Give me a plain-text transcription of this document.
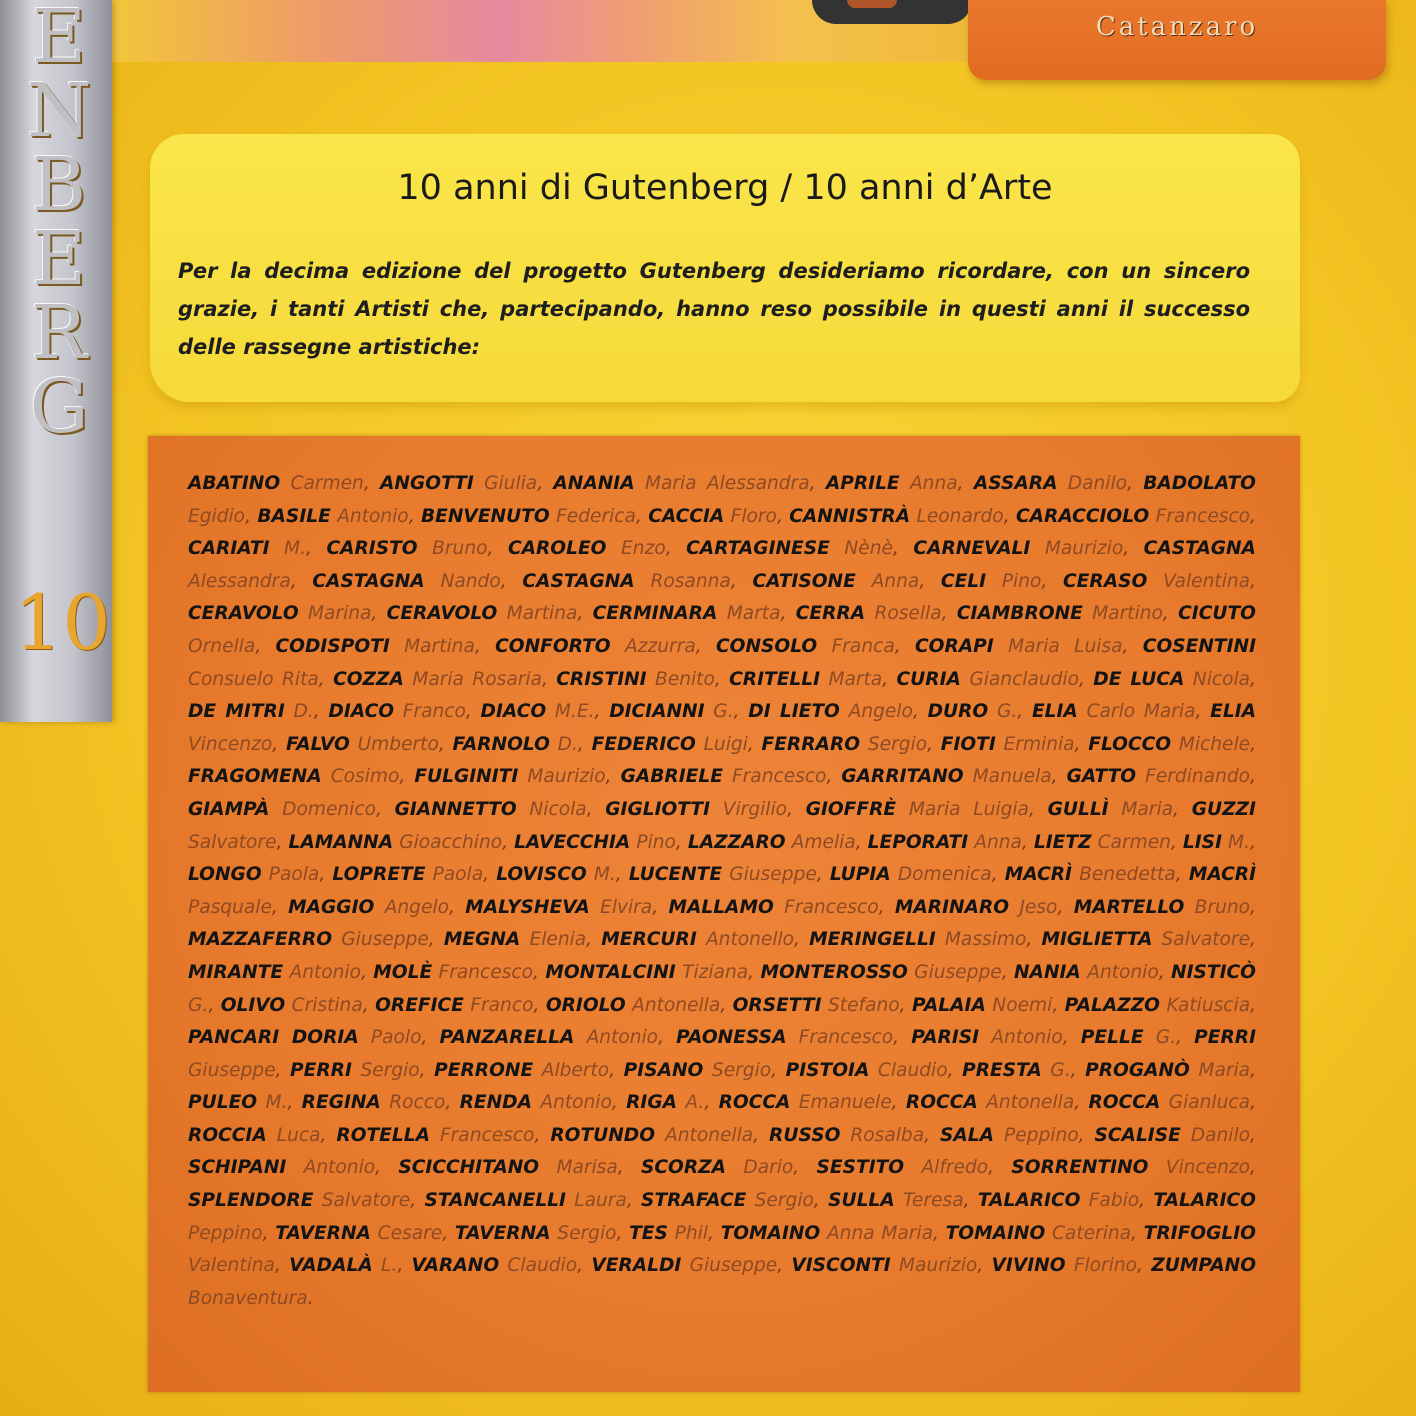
Catanzaro
E
N
B
E
R
G
10
10 anni di Gutenberg / 10 anni d’Arte
Per la decima edizione del progetto Gutenberg desideriamo ricordare, con un sincero grazie, i tanti Artisti che, partecipando, hanno reso possibile in questi anni il successo delle rassegne artistiche:
ABATINO Carmen, ANGOTTI Giulia, ANANIA Maria Alessandra, APRILE Anna, ASSARA Danilo, BADOLATO Egidio, BASILE Antonio, BENVENUTO Federica, CACCIA Floro, CANNISTRÀ Leonardo, CARACCIOLO Francesco, CARIATI M., CARISTO Bruno, CAROLEO Enzo, CARTAGINESE Nènè, CARNEVALI Maurizio, CASTAGNA Alessandra, CASTAGNA Nando, CASTAGNA Rosanna, CATISONE Anna, CELI Pino, CERASO Valentina, CERAVOLO Marina, CERAVOLO Martina, CERMINARA Marta, CERRA Rosella, CIAMBRONE Martino, CICUTO Ornella, CODISPOTI Martina, CONFORTO Azzurra, CONSOLO Franca, CORAPI Maria Luisa, COSENTINI Consuelo Rita, COZZA Maria Rosaria, CRISTINI Benito, CRITELLI Marta, CURIA Gianclaudio, DE LUCA Nicola, DE MITRI D., DIACO Franco, DIACO M.E., DICIANNI G., DI LIETO Angelo, DURO G., ELIA Carlo Maria, ELIA Vincenzo, FALVO Umberto, FARNOLO D., FEDERICO Luigi, FERRARO Sergio, FIOTI Erminia, FLOCCO Michele, FRAGOMENA Cosimo, FULGINITI Maurizio, GABRIELE Francesco, GARRITANO Manuela, GATTO Ferdinando, GIAMPÀ Domenico, GIANNETTO Nicola, GIGLIOTTI Virgilio, GIOFFRÈ Maria Luigia, GULLÌ Maria, GUZZI Salvatore, LAMANNA Gioacchino, LAVECCHIA Pino, LAZZARO Amelia, LEPORATI Anna, LIETZ Carmen, LISI M., LONGO Paola, LOPRETE Paola, LOVISCO M., LUCENTE Giuseppe, LUPIA Domenica, MACRÌ Benedetta, MACRÌ Pasquale, MAGGIO Angelo, MALYSHEVA Elvira, MALLAMO Francesco, MARINARO Jeso, MARTELLO Bruno, MAZZAFERRO Giuseppe, MEGNA Elenia, MERCURI Antonello, MERINGELLI Massimo, MIGLIETTA Salvatore, MIRANTE Antonio, MOLÈ Francesco, MONTALCINI Tiziana, MONTEROSSO Giuseppe, NANIA Antonio, NISTICÒ G., OLIVO Cristina, OREFICE Franco, ORIOLO Antonella, ORSETTI Stefano, PALAIA Noemi, PALAZZO Katiuscia, PANCARI DORIA Paolo, PANZARELLA Antonio, PAONESSA Francesco, PARISI Antonio, PELLE G., PERRI Giuseppe, PERRI Sergio, PERRONE Alberto, PISANO Sergio, PISTOIA Claudio, PRESTA G., PROGANÒ Maria, PULEO M., REGINA Rocco, RENDA Antonio, RIGA A., ROCCA Emanuele, ROCCA Antonella, ROCCA Gianluca, ROCCIA Luca, ROTELLA Francesco, ROTUNDO Antonella, RUSSO Rosalba, SALA Peppino, SCALISE Danilo, SCHIPANI Antonio, SCICCHITANO Marisa, SCORZA Dario, SESTITO Alfredo, SORRENTINO Vincenzo, SPLENDORE Salvatore, STANCANELLI Laura, STRAFACE Sergio, SULLA Teresa, TALARICO Fabio, TALARICO Peppino, TAVERNA Cesare, TAVERNA Sergio, TES Phil, TOMAINO Anna Maria, TOMAINO Caterina, TRIFOGLIO Valentina, VADALÀ L., VARANO Claudio, VERALDI Giuseppe, VISCONTI Maurizio, VIVINO Florino, ZUMPANO Bonaventura.
